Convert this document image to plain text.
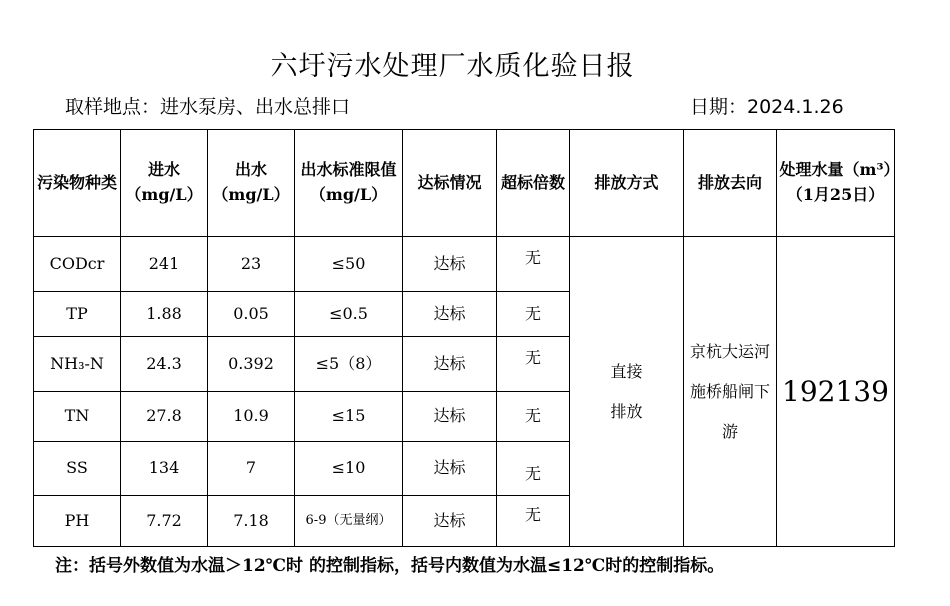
六圩污水处理厂水质化验日报
取样地点：进水泵房、出水总排口	日期：2024.1.26
污染物种类	进水（mg/L）	出水（mg/L）	出水标准限值（mg/L）	达标情况	超标倍数	排放方式	排放去向	处理水量（m³）（1月25日）
CODcr	241	23	≤50	达标	无	直接排放	京杭大运河施桥船闸下游	192139
TP	1.88	0.05	≤0.5	达标	无			
NH₃-N	24.3	0.392	≤5（8）	达标	无			
TN	27.8	10.9	≤15	达标	无			
SS	134	7	≤10	达标	无			
PH	7.72	7.18	6-9（无量纲）	达标	无			
注：括号外数值为水温＞12℃时 的控制指标，括号内数值为水温≤12℃时的控制指标。
